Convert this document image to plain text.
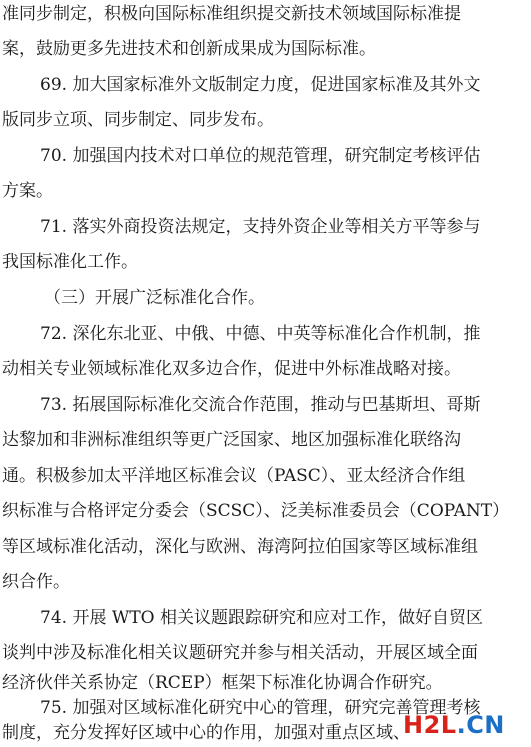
准同步制定，积极向国际标准组织提交新技术领域国际标准提
案，鼓励更多先进技术和创新成果成为国际标准。
69. 加大国家标准外文版制定力度，促进国家标准及其外文
版同步立项、同步制定、同步发布。
70. 加强国内技术对口单位的规范管理，研究制定考核评估
方案。
71. 落实外商投资法规定，支持外资企业等相关方平等参与
我国标准化工作。
（三）开展广泛标准化合作。
72. 深化东北亚、中俄、中德、中英等标准化合作机制，推
动相关专业领域标准化双多边合作，促进中外标准战略对接。
73. 拓展国际标准化交流合作范围，推动与巴基斯坦、哥斯
达黎加和非洲标准组织等更广泛国家、地区加强标准化联络沟
通。积极参加太平洋地区标准会议（PASC）、亚太经济合作组
织标准与合格评定分委会（SCSC）、泛美标准委员会（COPANT）
等区域标准化活动，深化与欧洲、海湾阿拉伯国家等区域标准组
织合作。
74. 开展 WTO 相关议题跟踪研究和应对工作，做好自贸区
谈判中涉及标准化相关议题研究并参与相关活动，开展区域全面
经济伙伴关系协定（RCEP）框架下标准化协调合作研究。
75. 加强对区域标准化研究中心的管理，研究完善管理考核
制度，充分发挥好区域中心的作用，加强对重点区域、
H2L.CN
